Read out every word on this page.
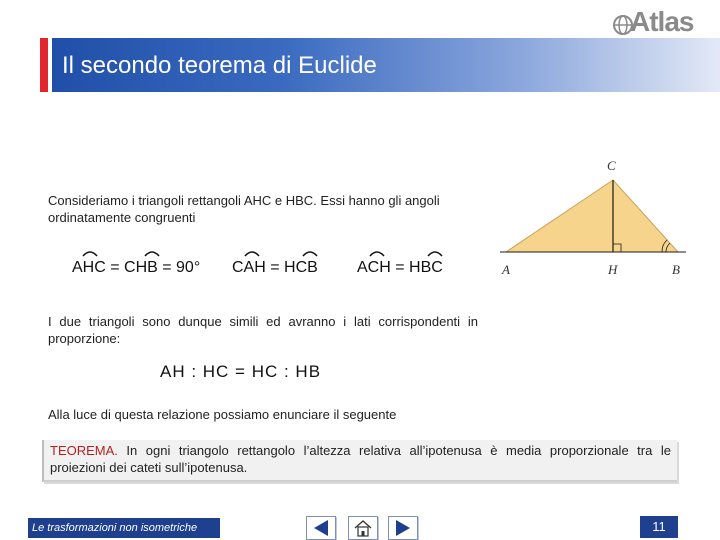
Atlas
Il secondo teorema di Euclide

Consideriamo i triangoli rettangoli AHC e HBC. Essi hanno gli angoli ordinatamente congruenti

AHC = CHB = 90° CAH = HCB ACH = HBC

I due triangoli sono dunque simili ed avranno i lati corrispondenti in proporzione:

AH : HC = HC : HB

Alla luce di questa relazione possiamo enunciare il seguente

TEOREMA. In ogni triangolo rettangolo l’altezza relativa all’ipotenusa è media proporzionale tra le proiezioni dei cateti sull’ipotenusa.
C
A	H	B
Le trasformazioni non isometriche	11
